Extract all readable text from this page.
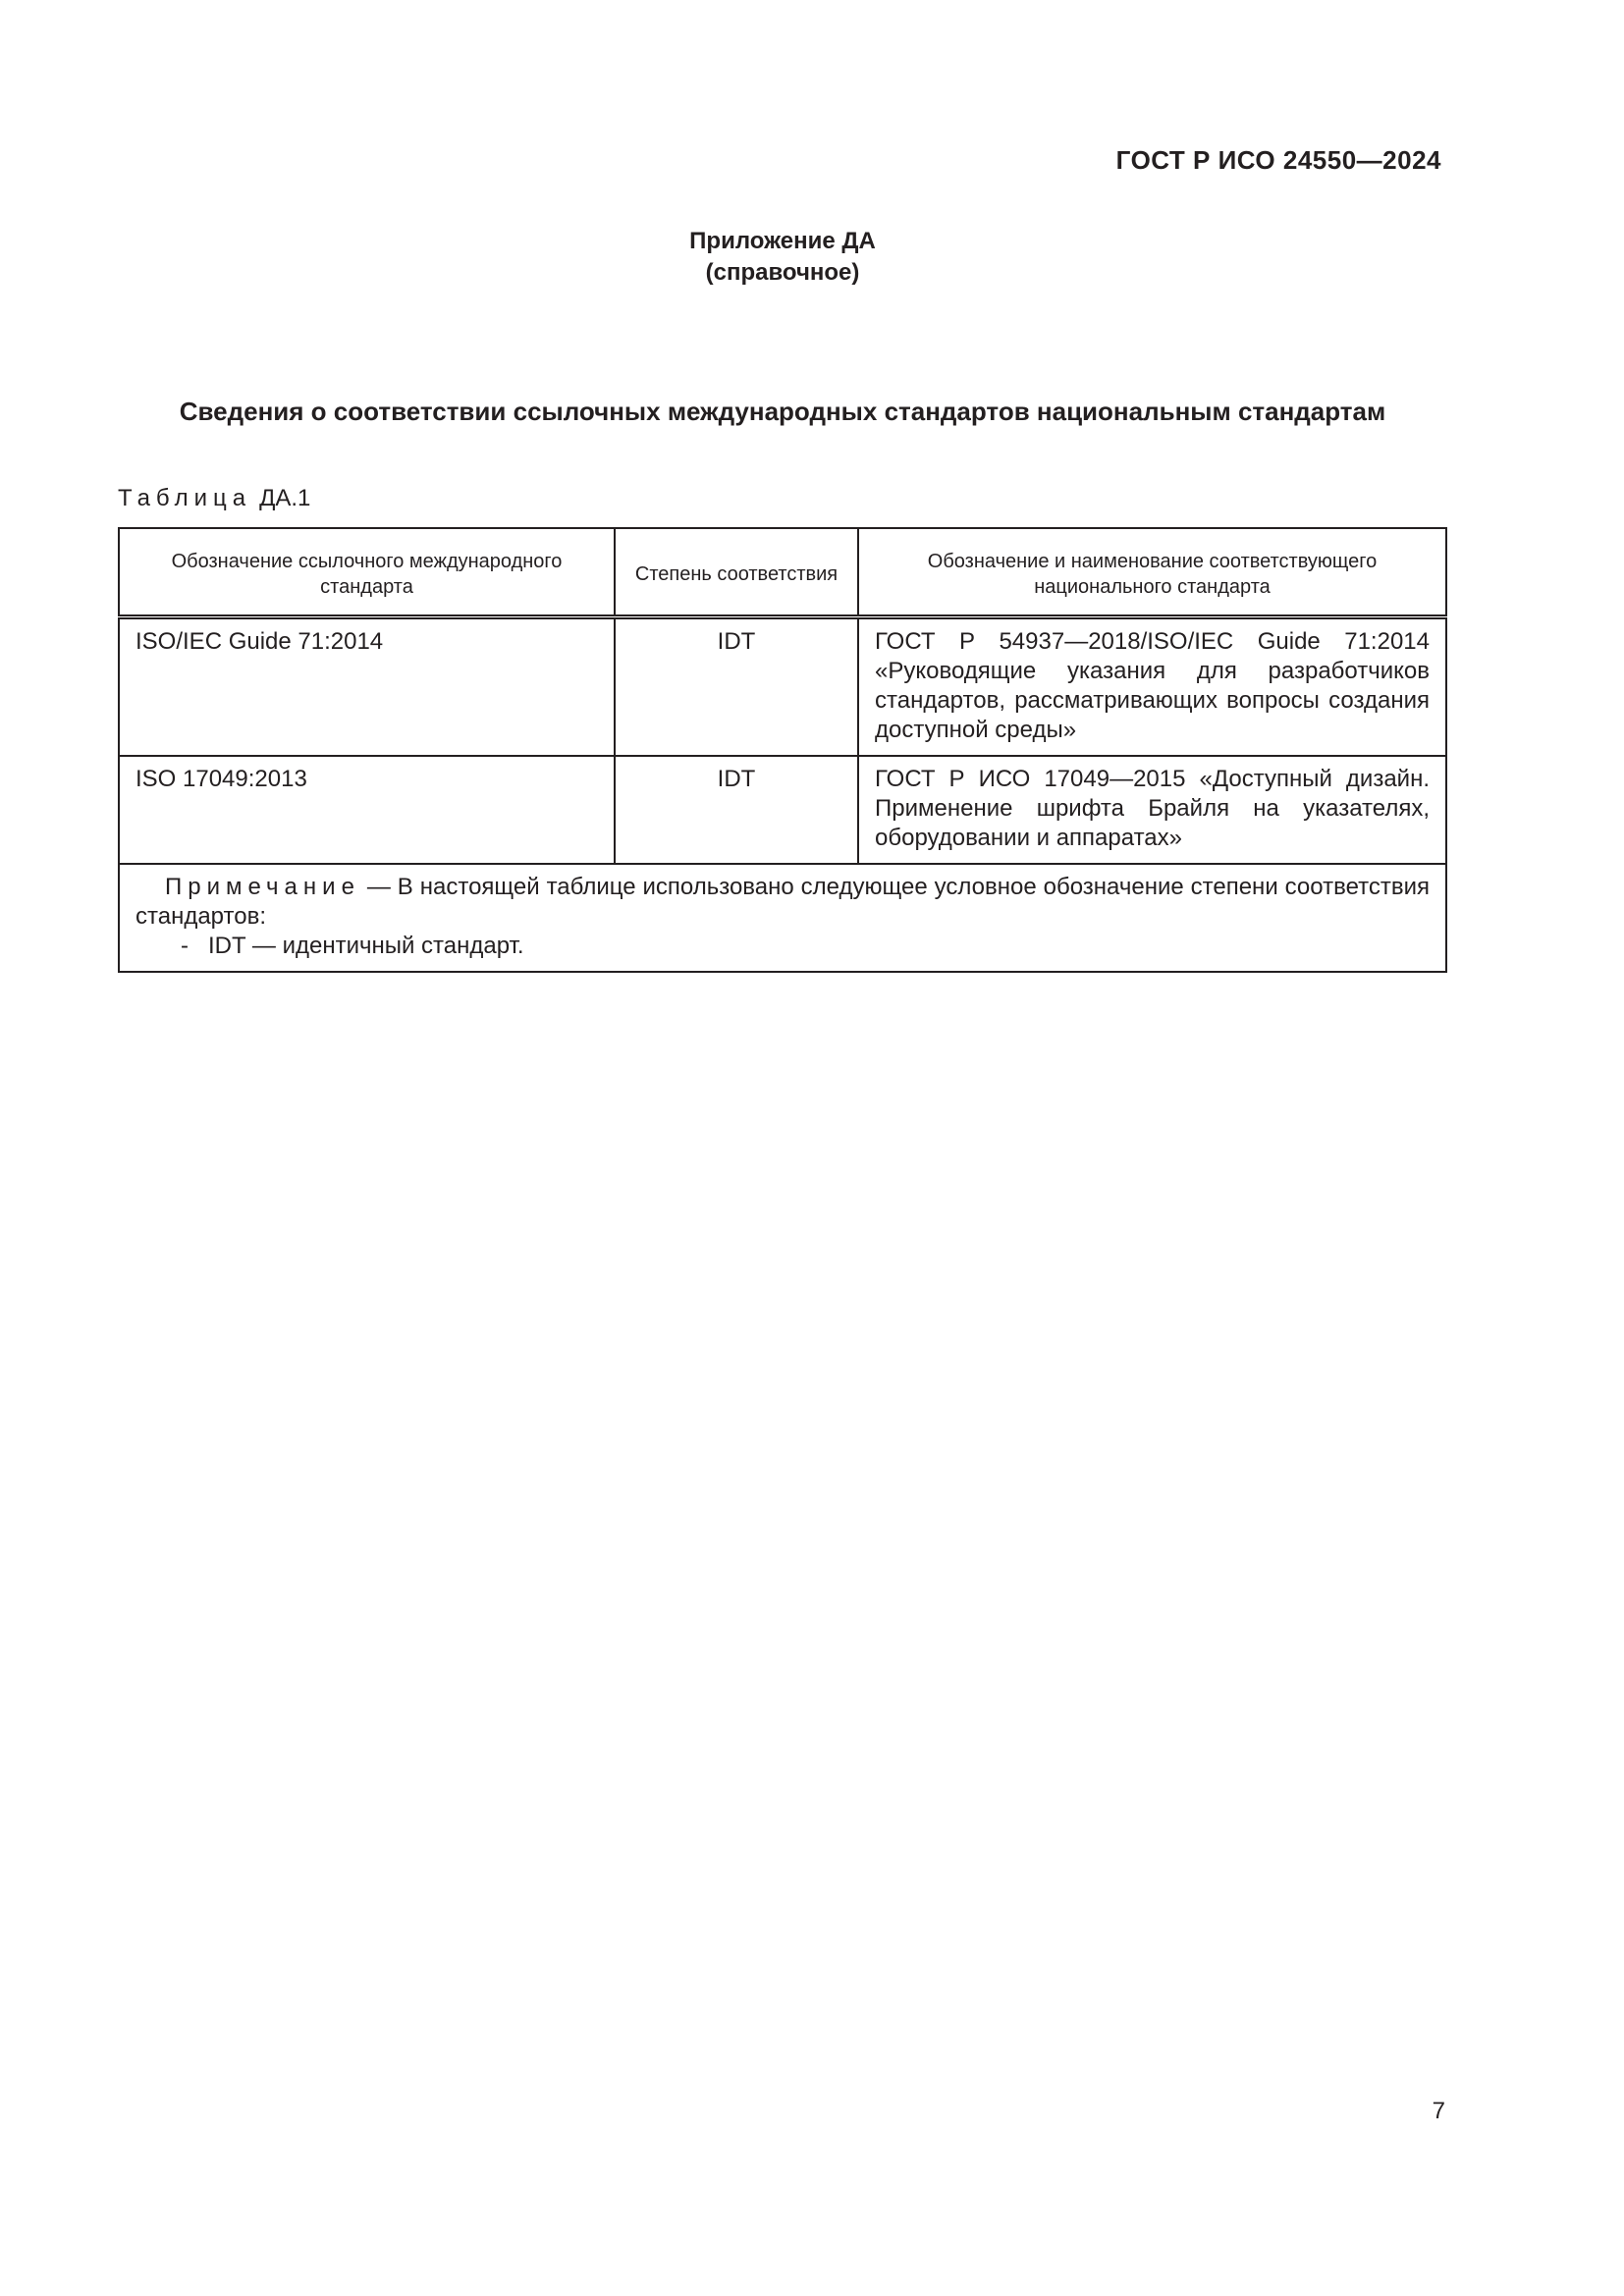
ГОСТ Р ИСО 24550—2024
Приложение ДА
(справочное)
Сведения о соответствии ссылочных международных стандартов национальным стандартам
Таблица ДА.1
Обозначение ссылочного международного стандарта	Степень соответствия	Обозначение и наименование соответствующего национального стандарта
ISO/IEC Guide 71:2014	IDT	ГОСТ Р 54937—2018/ISO/IEC Guide 71:2014 «Руководящие указания для разработчиков стандартов, рассматривающих вопросы создания доступной среды»
ISO 17049:2013	IDT	ГОСТ Р ИСО 17049—2015 «Доступный дизайн. Применение шрифта Брайля на указателях, оборудовании и аппаратах»

Примечание — В настоящей таблице использовано следующее условное обозначение степени соответствия стандартов:
- IDT — идентичный стандарт.		
7
